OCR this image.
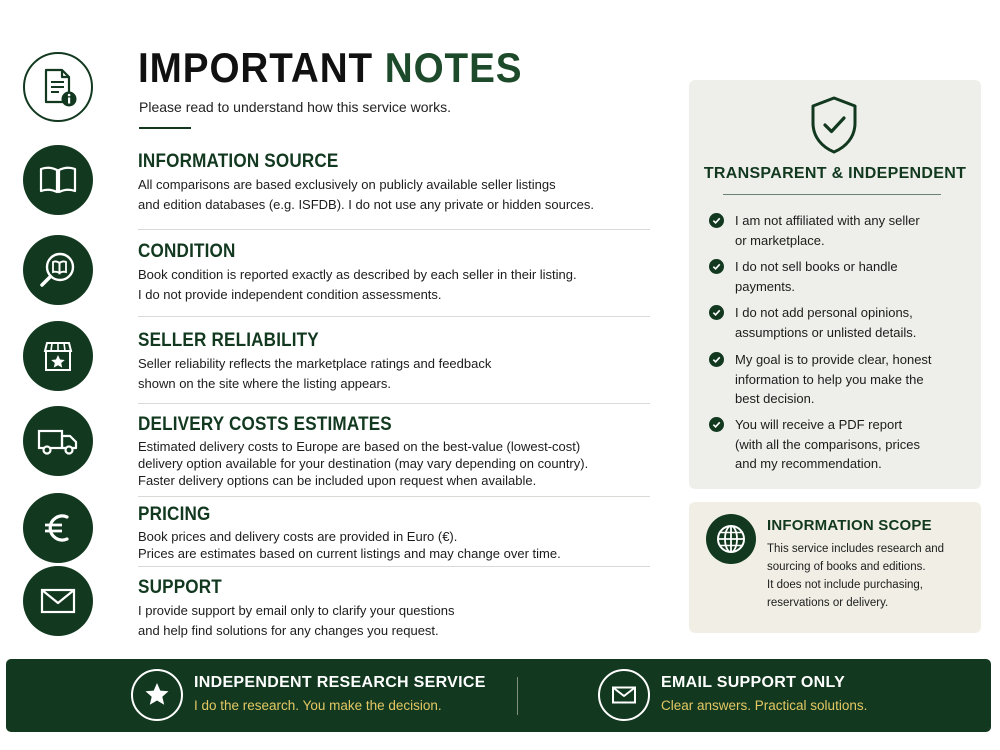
IMPORTANT NOTES
Please read to understand how this service works.
INFORMATION SOURCE

All comparisons are based exclusively on publicly available seller listings
and edition databases (e.g. ISFDB). I do not use any private or hidden sources.

CONDITION

Book condition is reported exactly as described by each seller in their listing.
I do not provide independent condition assessments.

SELLER RELIABILITY

Seller reliability reflects the marketplace ratings and feedback
shown on the site where the listing appears.

DELIVERY COSTS ESTIMATES

Estimated delivery costs to Europe are based on the best-value (lowest-cost)
delivery option available for your destination (may vary depending on country).
Faster delivery options can be included upon request when available.

PRICING

Book prices and delivery costs are provided in Euro (€).
Prices are estimates based on current listings and may change over time.

SUPPORT

I provide support by email only to clarify your questions
and help find solutions for any changes you request.

TRANSPARENT & INDEPENDENT
I am not affiliated with any seller
or marketplace.
I do not sell books or handle
payments.
I do not add personal opinions,
assumptions or unlisted details.
My goal is to provide clear, honest
information to help you make the
best decision.
You will receive a PDF report
(with all the comparisons, prices
and my recommendation.
INFORMATION SCOPE
This service includes research and
sourcing of books and editions.
It does not include purchasing,
reservations or delivery.
INDEPENDENT RESEARCH SERVICE
I do the research. You make the decision.
EMAIL SUPPORT ONLY
Clear answers. Practical solutions.
